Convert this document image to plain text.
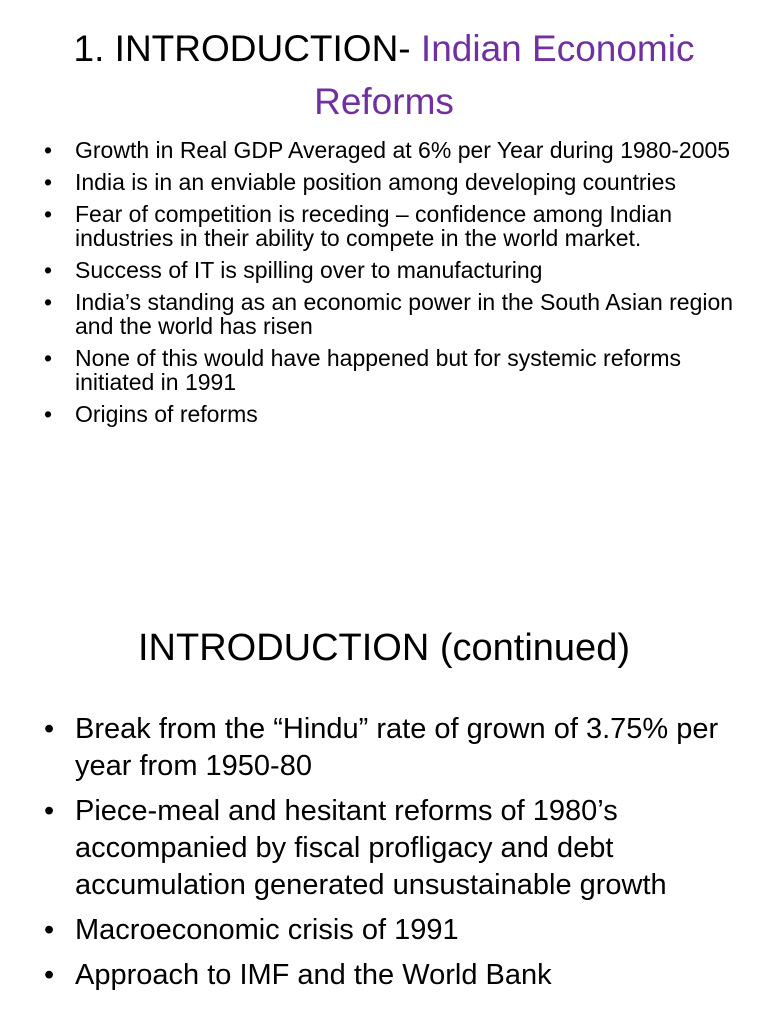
1. INTRODUCTION- Indian Economic Reforms
• Growth in Real GDP Averaged at 6% per Year during 1980-2005
• India is in an enviable position among developing countries
• Fear of competition is receding – confidence among Indian industries in their ability to compete in the world market.
• Success of IT is spilling over to manufacturing
• India’s standing as an economic power in the South Asian region and the world has risen
• None of this would have happened but for systemic reforms initiated in 1991
• Origins of reforms
INTRODUCTION (continued)
• Break from the “Hindu” rate of grown of 3.75% per year from 1950-80
• Piece-meal and hesitant reforms of 1980’s accompanied by fiscal profligacy and debt accumulation generated unsustainable growth
• Macroeconomic crisis of 1991
• Approach to IMF and the World Bank
